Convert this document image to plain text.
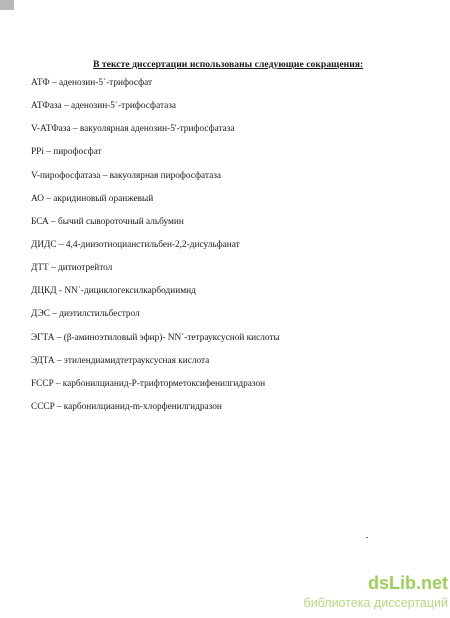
В тексте диссертации использованы следующие сокращения:
АТФ – аденозин-5´-трифосфат
АТФаза – аденозин-5´-трифосфатаза
V-АТФаза – вакуолярная аденозин-5'-трифосфатаза
PPi – пирофосфат
V-пирофосфатаза – вакуолярная пирофосфатаза
АО – акридиновый оранжевый
БСА – бычий сывороточный альбумин
ДИДС – 4,4-диизотиоцианстильбен-2,2-дисульфанат
ДТТ – дитиотрейтол
ДЦКД - NN´-дициклогексилкарбодиимид
ДЭС – диэтилстильбестрол
ЭГТА – (β-аминоэтиловый эфир)- NN´-тетрауксусной кислоты
ЭДТА – этилендиамидтетрауксусная кислота
FCCP – карбонилцианид-P-трифторметоксифенилгидразон
CCCP – карбонилцианид-m-хлорфенилгидразон
dsLib.net
библиотека диссертаций
